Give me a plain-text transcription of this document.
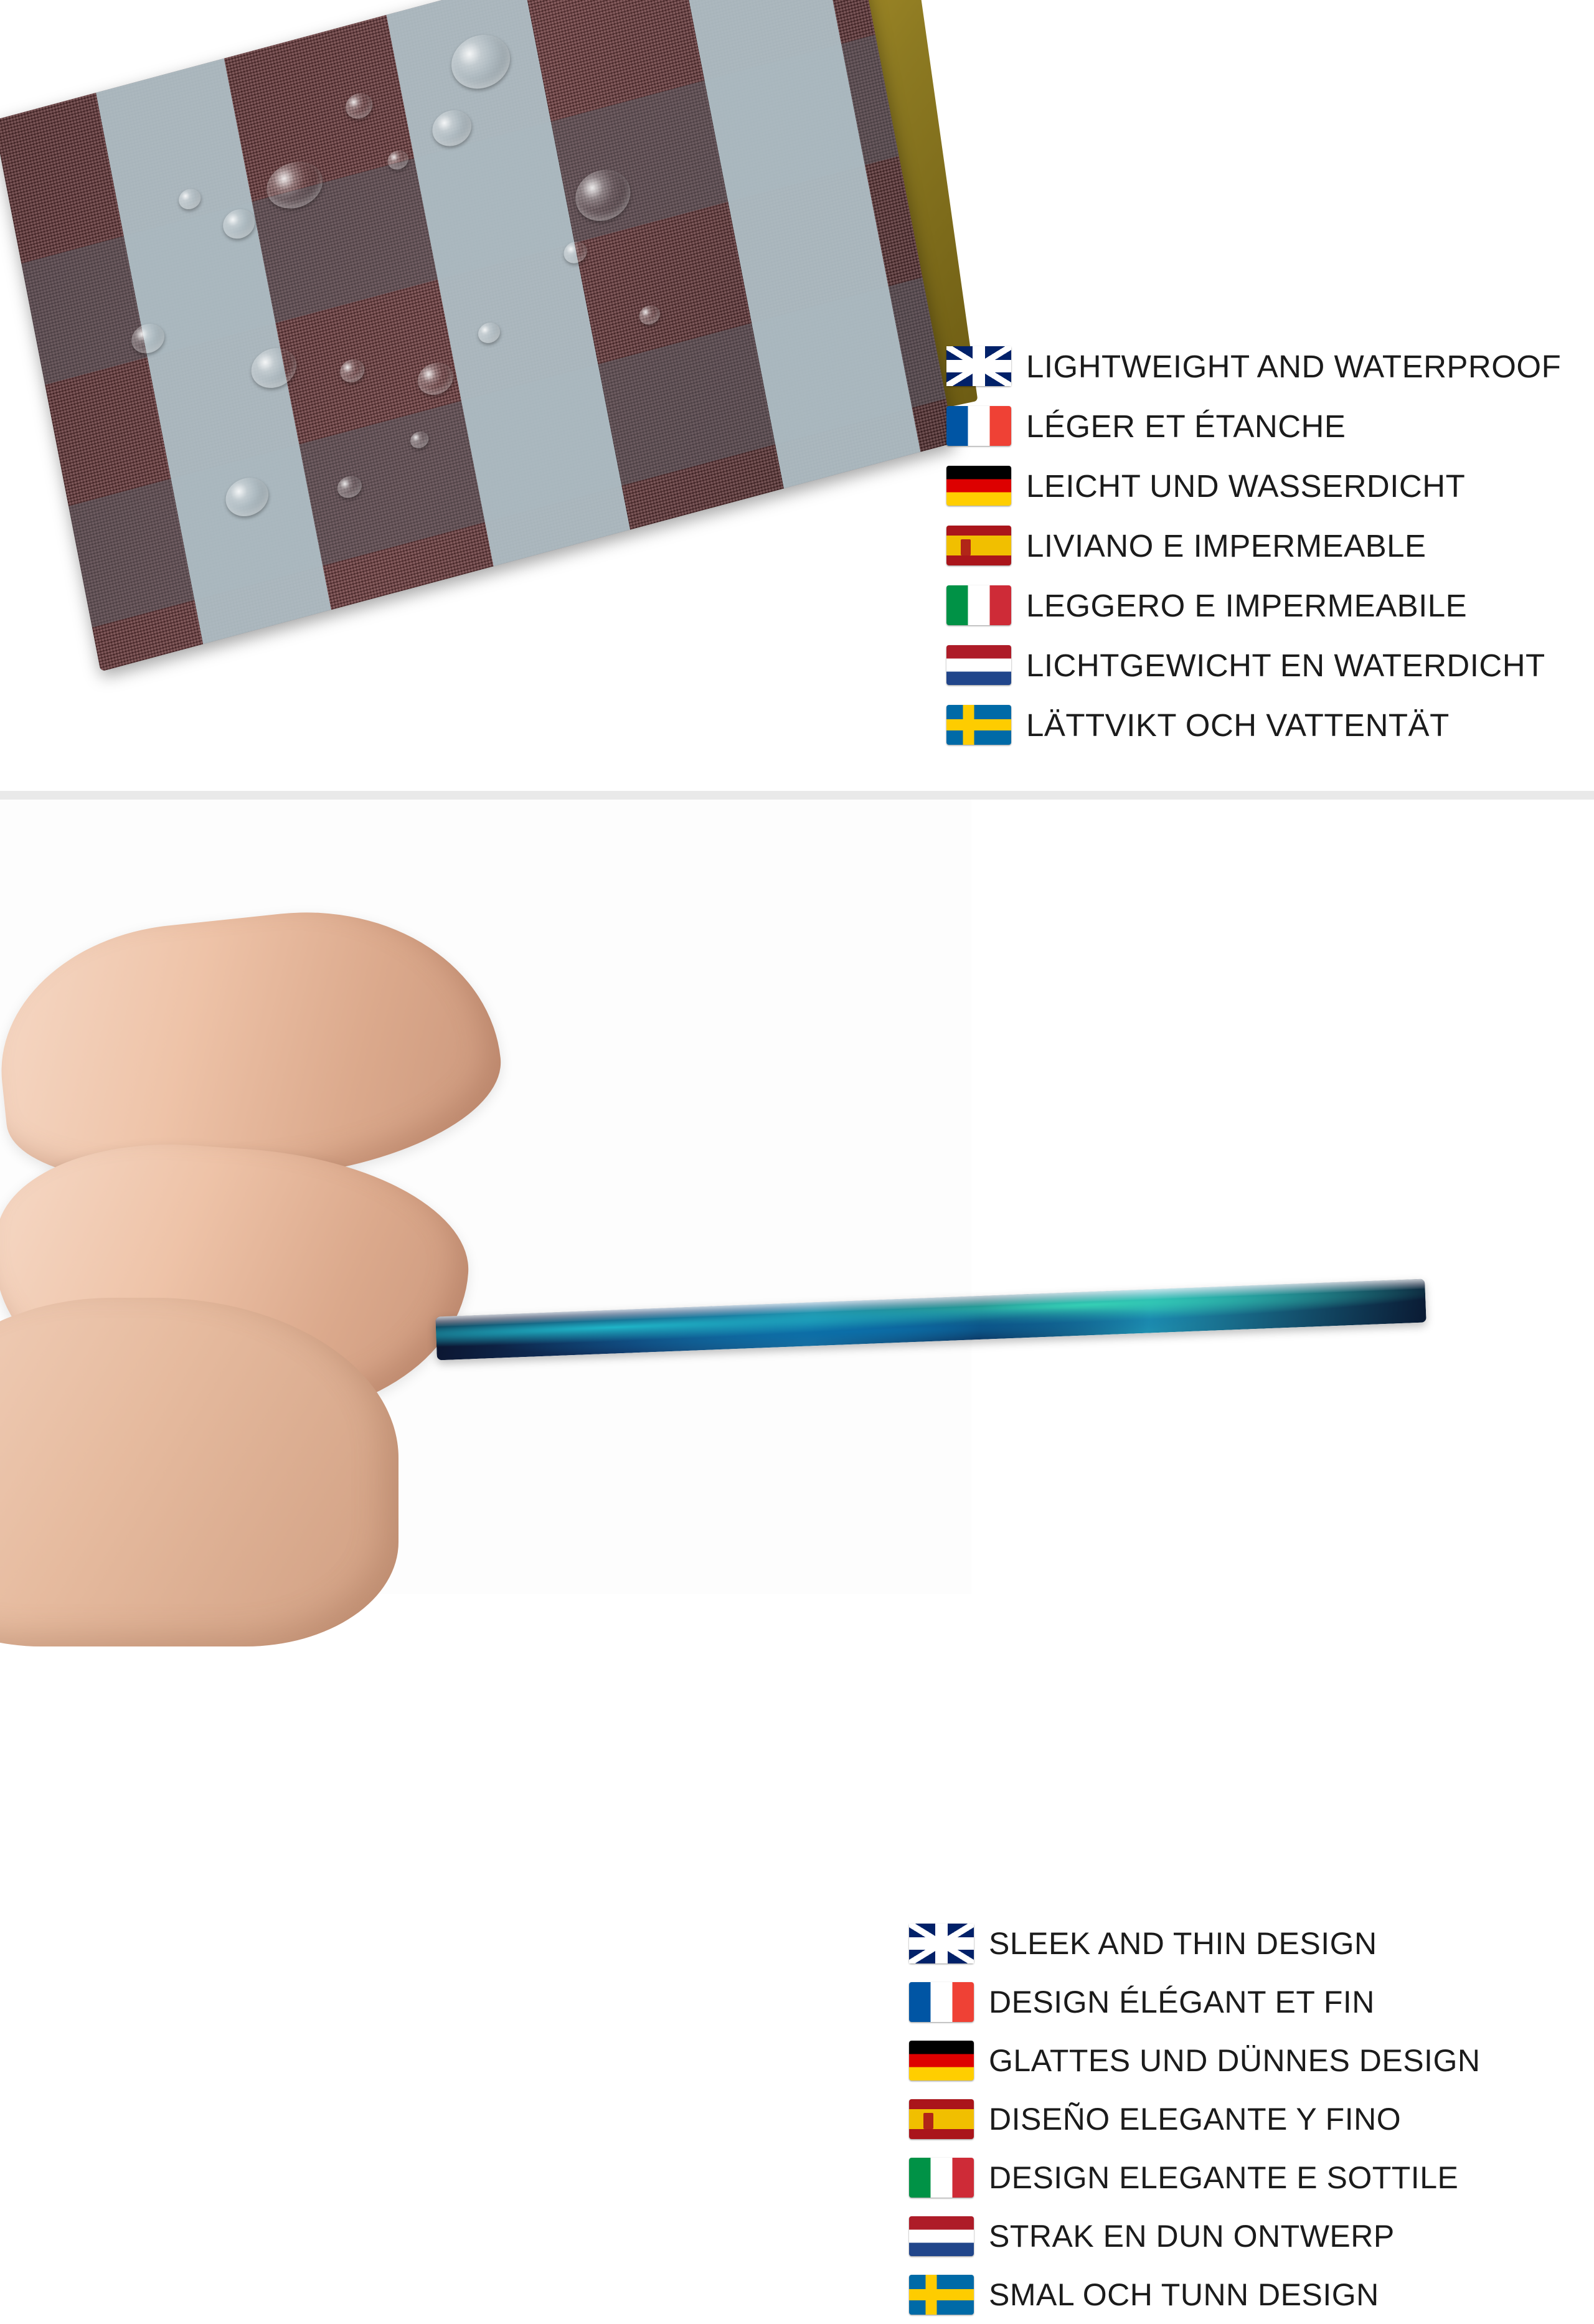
LIGHTWEIGHT AND WATERPROOF
LÉGER ET ÉTANCHE
LEICHT UND WASSERDICHT
LIVIANO E IMPERMEABLE
LEGGERO E IMPERMEABILE
LICHTGEWICHT EN WATERDICHT
LÄTTVIKT OCH VATTENTÄT
SLEEK AND THIN DESIGN
DESIGN ÉLÉGANT ET FIN
GLATTES UND DÜNNES DESIGN
DISEÑO ELEGANTE Y FINO
DESIGN ELEGANTE E SOTTILE
STRAK EN DUN ONTWERP
SMAL OCH TUNN DESIGN
